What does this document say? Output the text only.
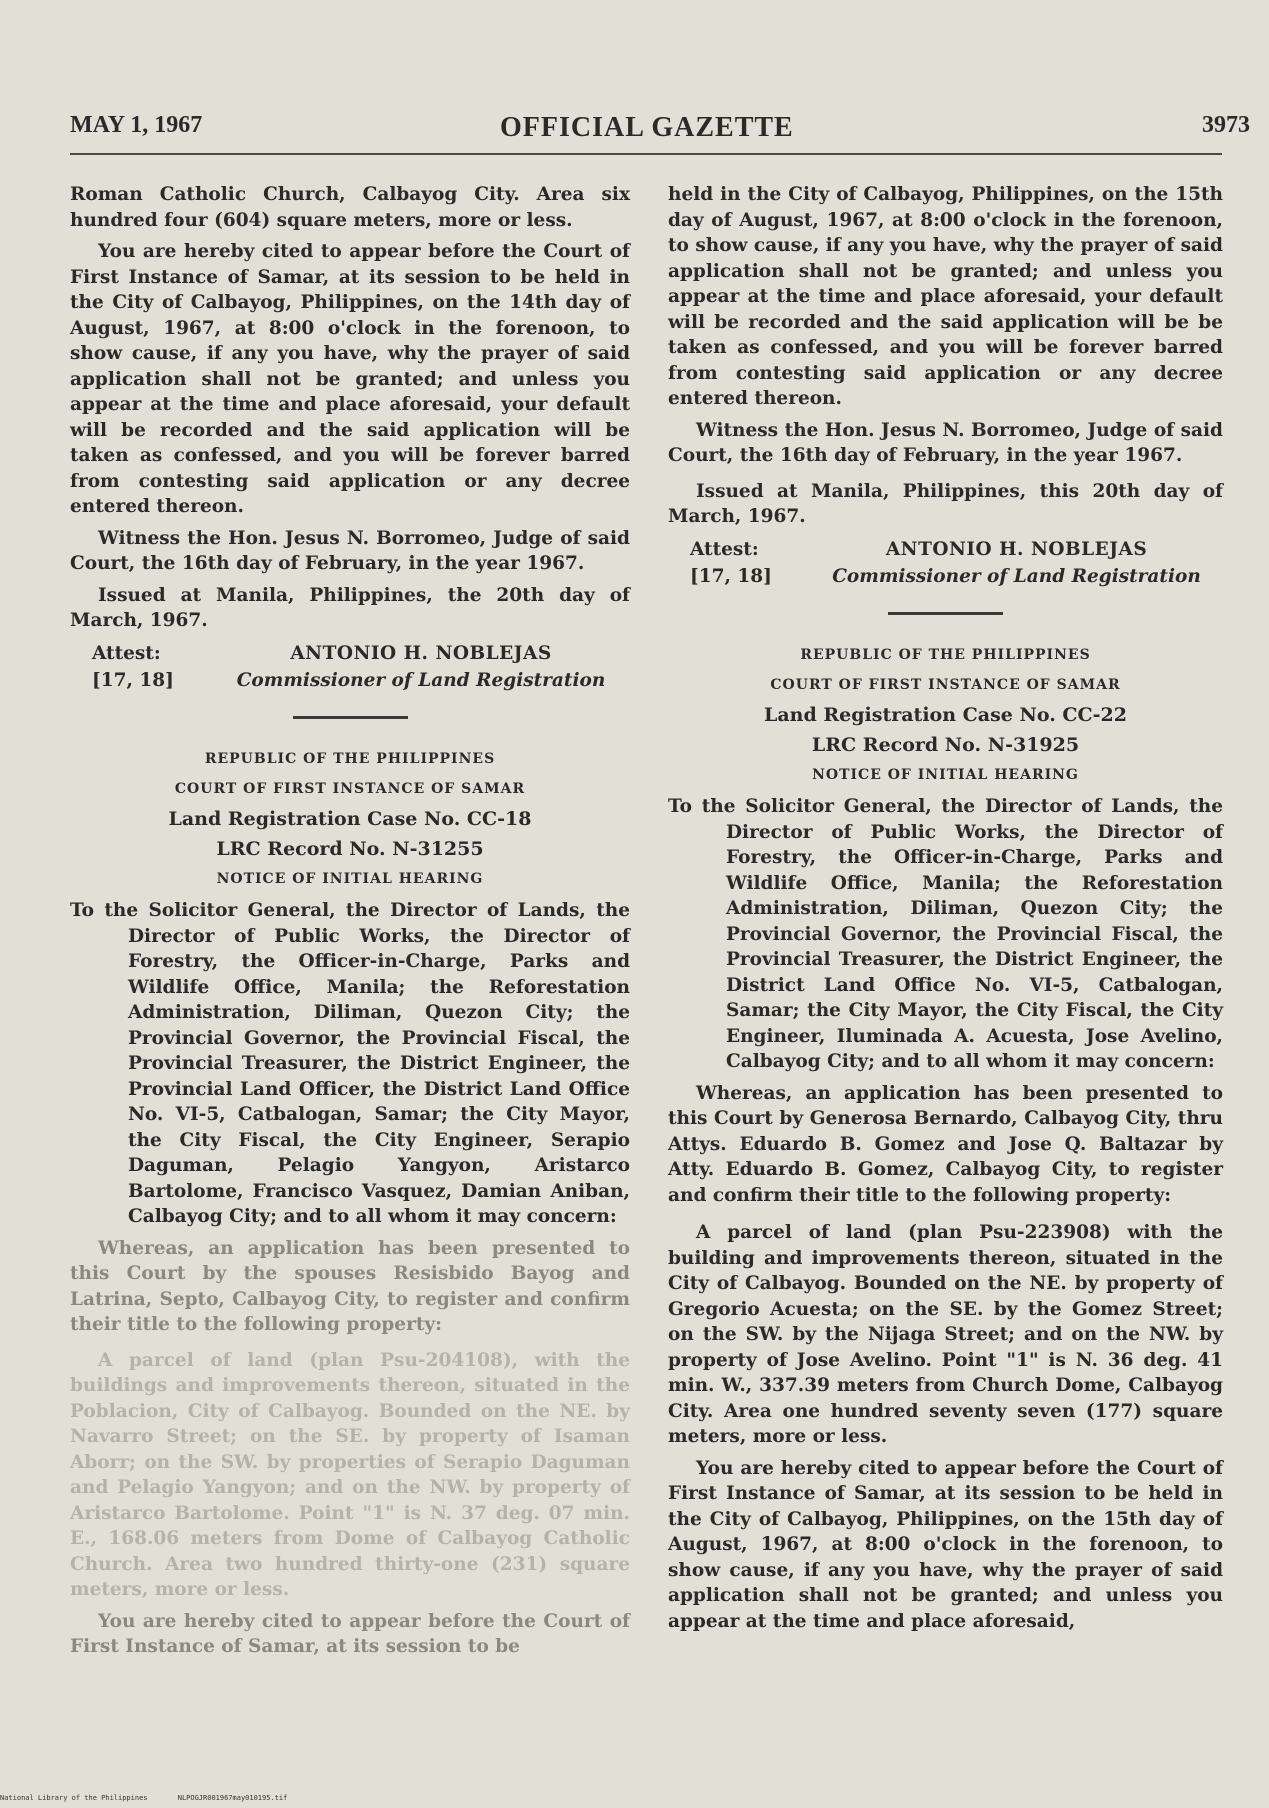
MAY 1, 1967	OFFICIAL GAZETTE	3973

Roman Catholic Church, Calbayog City. Area six hundred four (604) square meters, more or less.

You are hereby cited to appear before the Court of First Instance of Samar, at its session to be held in the City of Calbayog, Philippines, on the 14th day of August, 1967, at 8:00 o'clock in the forenoon, to show cause, if any you have, why the prayer of said application shall not be granted; and unless you appear at the time and place aforesaid, your default will be recorded and the said application will be taken as confessed, and you will be forever barred from contesting said application or any decree entered thereon.

Witness the Hon. Jesus N. Borromeo, Judge of said Court, the 16th day of February, in the year 1967.

Issued at Manila, Philippines, the 20th day of March, 1967.

Attest:
[17, 18]
ANTONIO H. NOBLEJAS
Commissioner of Land Registration

REPUBLIC OF THE PHILIPPINES

COURT OF FIRST INSTANCE OF SAMAR

Land Registration Case No. CC-18

LRC Record No. N-31255

NOTICE OF INITIAL HEARING

To the Solicitor General, the Director of Lands, the Director of Public Works, the Director of Forestry, the Officer-in-Charge, Parks and Wildlife Office, Manila; the Reforestation Administration, Diliman, Quezon City; the Provincial Governor, the Provincial Fiscal, the Provincial Treasurer, the District Engineer, the Provincial Land Officer, the District Land Office No. VI-5, Catbalogan, Samar; the City Mayor, the City Fiscal, the City Engineer, Serapio Daguman, Pelagio Yangyon, Aristarco Bartolome, Francisco Vasquez, Damian Aniban, Calbayog City; and to all whom it may concern:

Whereas, an application has been presented to this Court by the spouses Resisbido Bayog and Latrina, Septo, Calbayog City, to register and confirm their title to the following property:

A parcel of land (plan Psu-204108), with the buildings and improvements thereon, situated in the Poblacion, City of Calbayog. Bounded on the NE. by Navarro Street; on the SE. by property of Isaman Aborr; on the SW. by properties of Serapio Daguman and Pelagio Yangyon; and on the NW. by property of Aristarco Bartolome. Point "1" is N. 37 deg. 07 min. E., 168.06 meters from Dome of Calbayog Catholic Church. Area two hundred thirty-one (231) square meters, more or less.

You are hereby cited to appear before the Court of First Instance of Samar, at its session to be

held in the City of Calbayog, Philippines, on the 15th day of August, 1967, at 8:00 o'clock in the forenoon, to show cause, if any you have, why the prayer of said application shall not be granted; and unless you appear at the time and place aforesaid, your default will be recorded and the said application will be be taken as confessed, and you will be forever barred from contesting said application or any decree entered thereon.

Witness the Hon. Jesus N. Borromeo, Judge of said Court, the 16th day of February, in the year 1967.

Issued at Manila, Philippines, this 20th day of March, 1967.

Attest:
[17, 18]
ANTONIO H. NOBLEJAS
Commissioner of Land Registration

REPUBLIC OF THE PHILIPPINES

COURT OF FIRST INSTANCE OF SAMAR

Land Registration Case No. CC-22

LRC Record No. N-31925

NOTICE OF INITIAL HEARING

To the Solicitor General, the Director of Lands, the Director of Public Works, the Director of Forestry, the Officer-in-Charge, Parks and Wildlife Office, Manila; the Reforestation Administration, Diliman, Quezon City; the Provincial Governor, the Provincial Fiscal, the Provincial Treasurer, the District Engineer, the District Land Office No. VI-5, Catbalogan, Samar; the City Mayor, the City Fiscal, the City Engineer, Iluminada A. Acuesta, Jose Avelino, Calbayog City; and to all whom it may concern:

Whereas, an application has been presented to this Court by Generosa Bernardo, Calbayog City, thru Attys. Eduardo B. Gomez and Jose Q. Baltazar by Atty. Eduardo B. Gomez, Calbayog City, to register and confirm their title to the following property:

A parcel of land (plan Psu-223908) with the building and improvements thereon, situated in the City of Calbayog. Bounded on the NE. by property of Gregorio Acuesta; on the SE. by the Gomez Street; on the SW. by the Nijaga Street; and on the NW. by property of Jose Avelino. Point "1" is N. 36 deg. 41 min. W., 337.39 meters from Church Dome, Calbayog City. Area one hundred seventy seven (177) square meters, more or less.

You are hereby cited to appear before the Court of First Instance of Samar, at its session to be held in the City of Calbayog, Philippines, on the 15th day of August, 1967, at 8:00 o'clock in the forenoon, to show cause, if any you have, why the prayer of said application shall not be granted; and unless you appear at the time and place aforesaid,

National Library of the Philippines	NLPOGJR001967may010195.tif
